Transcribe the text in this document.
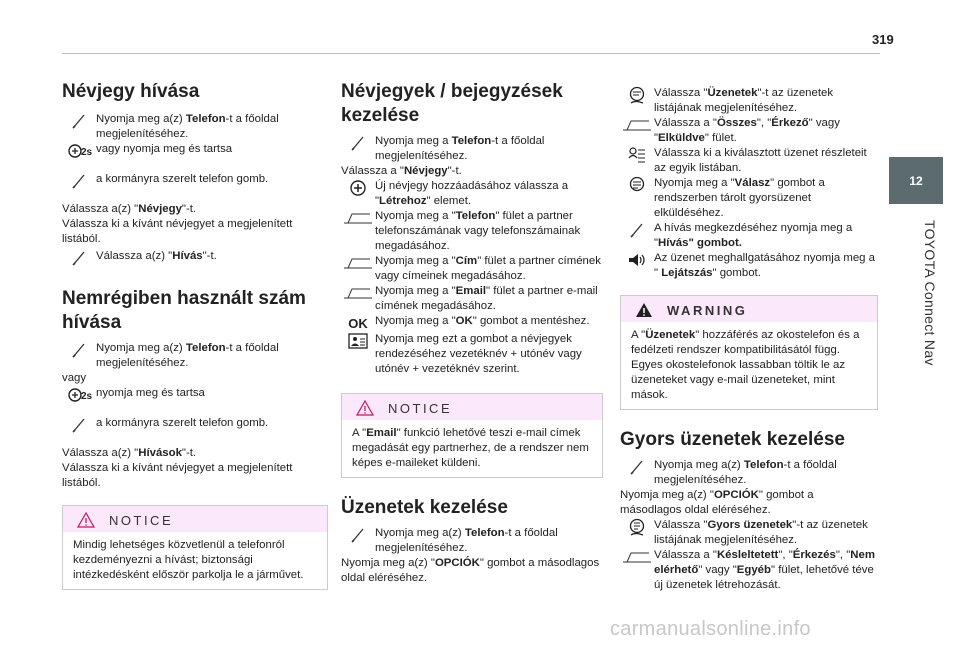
319
12
TOYOTA Connect Nav
Névjegy hívása
Nyomja meg a(z) Telefon-t a főoldal megjelenítéséhez.
2s vagy nyomja meg és tartsa
a kormányra szerelt telefon gomb.

Válassza a(z) "Névjegy"-t.

Válassza ki a kívánt névjegyet a megjelenített listából.

Válassza a(z) "Hívás"-t.
Nemrégiben használt szám hívása
Nyomja meg a(z) Telefon-t a főoldal megjelenítéséhez.

vagy

2s nyomja meg és tartsa
a kormányra szerelt telefon gomb.

Válassza a(z) "Hívások"-t.

Válassza ki a kívánt névjegyet a megjelenített listából.

NOTICE
Mindig lehetséges közvetlenül a telefonról kezdeményezni a hívást; biztonsági intézkedésként először parkolja le a járművet.
Névjegyek / bejegyzések kezelése
Nyomja meg a Telefon-t a főoldal megjelenítéséhez.

Válassza a "Névjegy"-t.

Új névjegy hozzáadásához válassza a "Létrehoz" elemet.
Nyomja meg a "Telefon" fület a partner telefonszámának vagy telefonszámainak megadásához.
Nyomja meg a "Cím" fület a partner címének vagy címeinek megadásához.
Nyomja meg a "Email" fület a partner e-mail címének megadásához.
OK Nyomja meg a "OK" gombot a mentéshez.
Nyomja meg ezt a gombot a névjegyek rendezéséhez vezetéknév + utónév vagy utónév + vezetéknév szerint.
NOTICE
A "Email" funkció lehetővé teszi e-mail címek megadását egy partnerhez, de a rendszer nem képes e-maileket küldeni.
Üzenetek kezelése
Nyomja meg a(z) Telefon-t a főoldal megjelenítéséhez.

Nyomja meg a(z) "OPCIÓK" gombot a másodlagos oldal eléréséhez.

Válassza "Üzenetek"-t az üzenetek listájának megjelenítéséhez.
Válassza a "Összes", "Érkező" vagy "Elküldve" fület.
Válassza ki a kiválasztott üzenet részleteit az egyik listában.
Nyomja meg a "Válasz" gombot a rendszerben tárolt gyorsüzenet elküldéséhez.
A hívás megkezdéséhez nyomja meg a "Hívás" gombot.
Az üzenet meghallgatásához nyomja meg a " Lejátszás" gombot.
WARNING
A "Üzenetek" hozzáférés az okostelefon és a fedélzeti rendszer kompatibilitásától függ. Egyes okostelefonok lassabban töltik le az üzeneteket vagy e-mail üzeneteket, mint mások.
Gyors üzenetek kezelése
Nyomja meg a(z) Telefon-t a főoldal megjelenítéséhez.

Nyomja meg a(z) "OPCIÓK" gombot a másodlagos oldal eléréséhez.

Válassza "Gyors üzenetek"-t az üzenetek listájának megjelenítéséhez.
Válassza a "Késleltetett", "Érkezés", "Nem elérhető" vagy "Egyéb" fület, lehetővé téve új üzenetek létrehozását.
carmanualsonline.info
